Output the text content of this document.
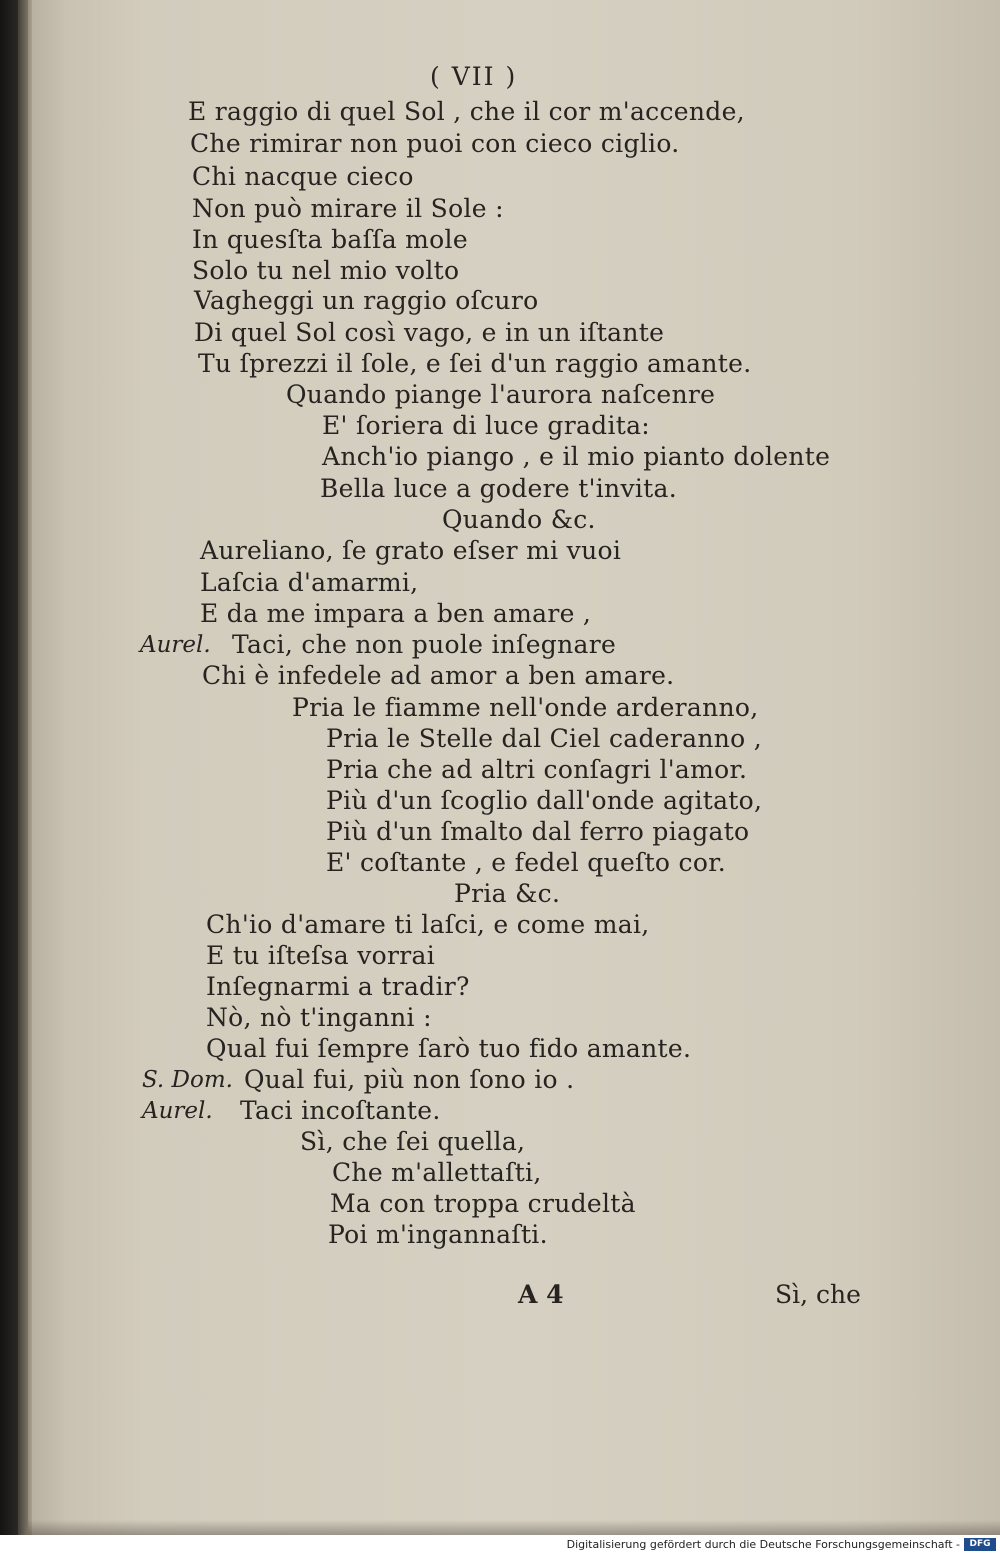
( VII )
E raggio di quel Sol , che il cor m'accende,
Che rimirar non puoi con cieco ciglio.
Chi nacque cieco
Non può mirare il Sole :
In quesſta baſſa mole
Solo tu nel mio volto
Vagheggi un raggio oſcuro
Di quel Sol così vago, e in un iſtante
Tu ſprezzi il ſole, e ſei d'un raggio amante.
Quando piange l'aurora naſcenre
E' ſoriera di luce gradita:
Anch'io piango , e il mio pianto dolente
Bella luce a godere t'invita.
Quando &c.
Aureliano, ſe grato eſser mi vuoi
Laſcia d'amarmi,
E da me impara a ben amare ,
Aurel. Taci, che non puole inſegnare
Chi è infedele ad amor a ben amare.
Pria le fiamme nell'onde arderanno,
Pria le Stelle dal Ciel caderanno ,
Pria che ad altri conſagri l'amor.
Più d'un ſcoglio dall'onde agitato,
Più d'un ſmalto dal ferro piagato
E' coſtante , e fedel queſto cor.
Pria &c.
Ch'io d'amare ti laſci, e come mai,
E tu iſteſsa vorrai
Inſegnarmi a tradir?
Nò, nò t'inganni :
Qual fui ſempre ſarò tuo fido amante.
S. Dom. Qual fui, più non ſono io .
Aurel. Taci incoſtante.
Sì, che ſei quella,
Che m'allettaſti,
Ma con troppa crudeltà
Poi m'ingannaſti.
A 4	Sì, che
Digitalisierung gefördert durch die Deutsche Forschungsgemeinschaft -	DFG
